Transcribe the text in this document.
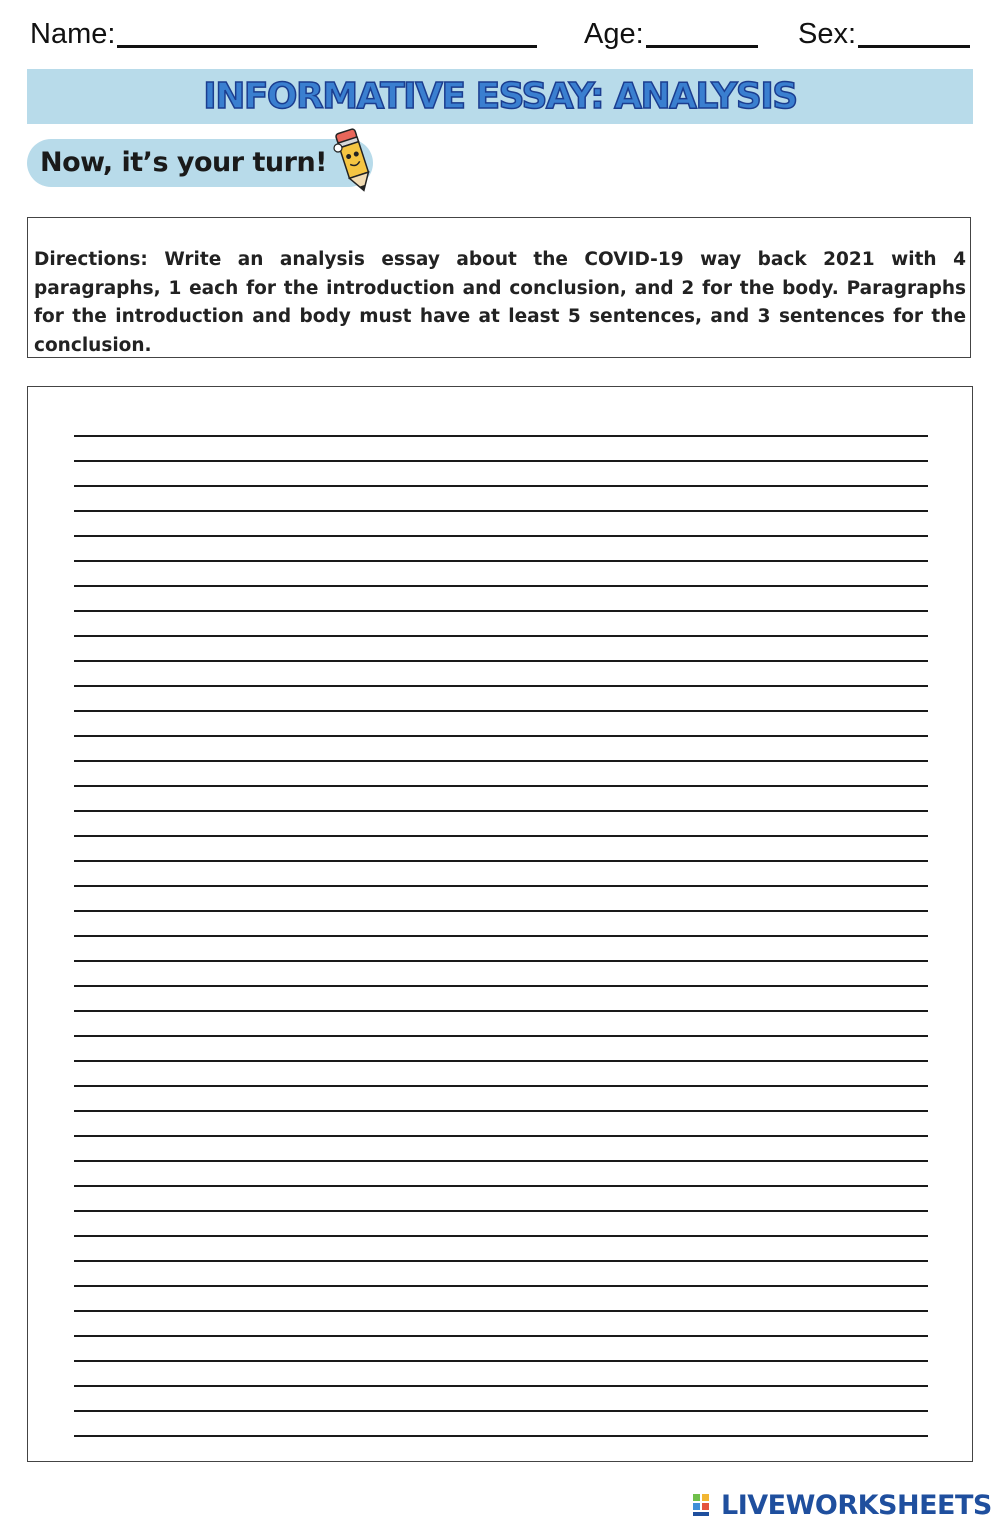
Name:	Age:	Sex:
INFORMATIVE ESSAY: ANALYSIS
Now, it’s your turn!
Directions: Write an analysis essay about the COVID-19 way back 2021 with 4 paragraphs, 1 each for the introduction and conclusion, and 2 for the body. Paragraphs for the introduction and body must have at least 5 sentences, and 3 sentences for the conclusion.
LIVEWORKSHEETS
